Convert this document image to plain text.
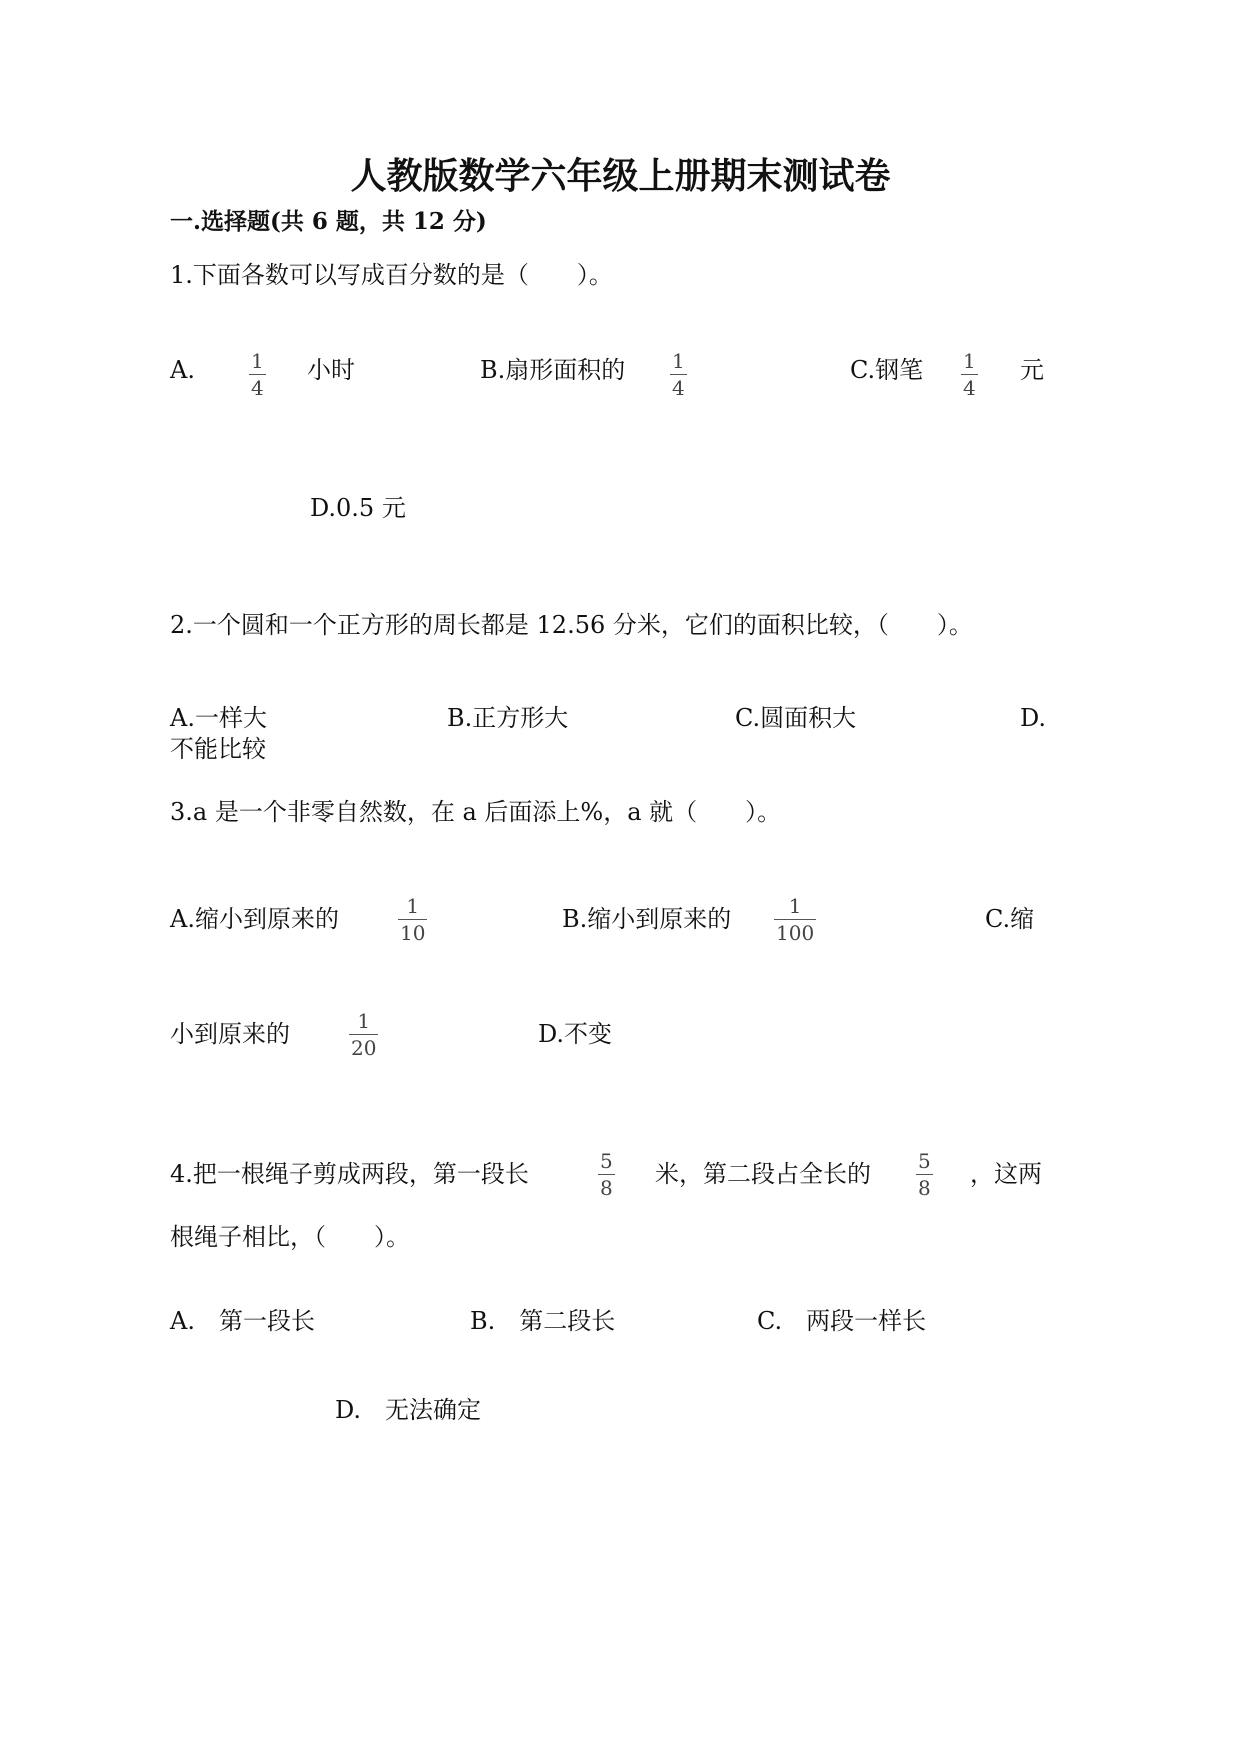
人教版数学六年级上册期末测试卷
一.选择题(共 6 题，共 12 分)
1.下面各数可以写成百分数的是（　　）。
A.	1
4
小时	B.扇形面积的 1
4
C.钢笔 1
4
元
D.0.5 元
2.一个圆和一个正方形的周长都是 12.56 分米，它们的面积比较，（　　）。
A.一样大	B.正方形大	C.圆面积大	D.
不能比较
3.a 是一个非零自然数，在 a 后面添上%，a 就（　　）。
A.缩小到原来的	1
10	B.缩小到原来的	1
100	C.缩
小到原来的	1
20	D.不变
4.把一根绳子剪成两段，第一段长	5
8 米，第二段占全长的 5
8 ，这两
根绳子相比，（　　）。
A.　第一段长	B.　第二段长	C.　两段一样长
D.　无法确定
